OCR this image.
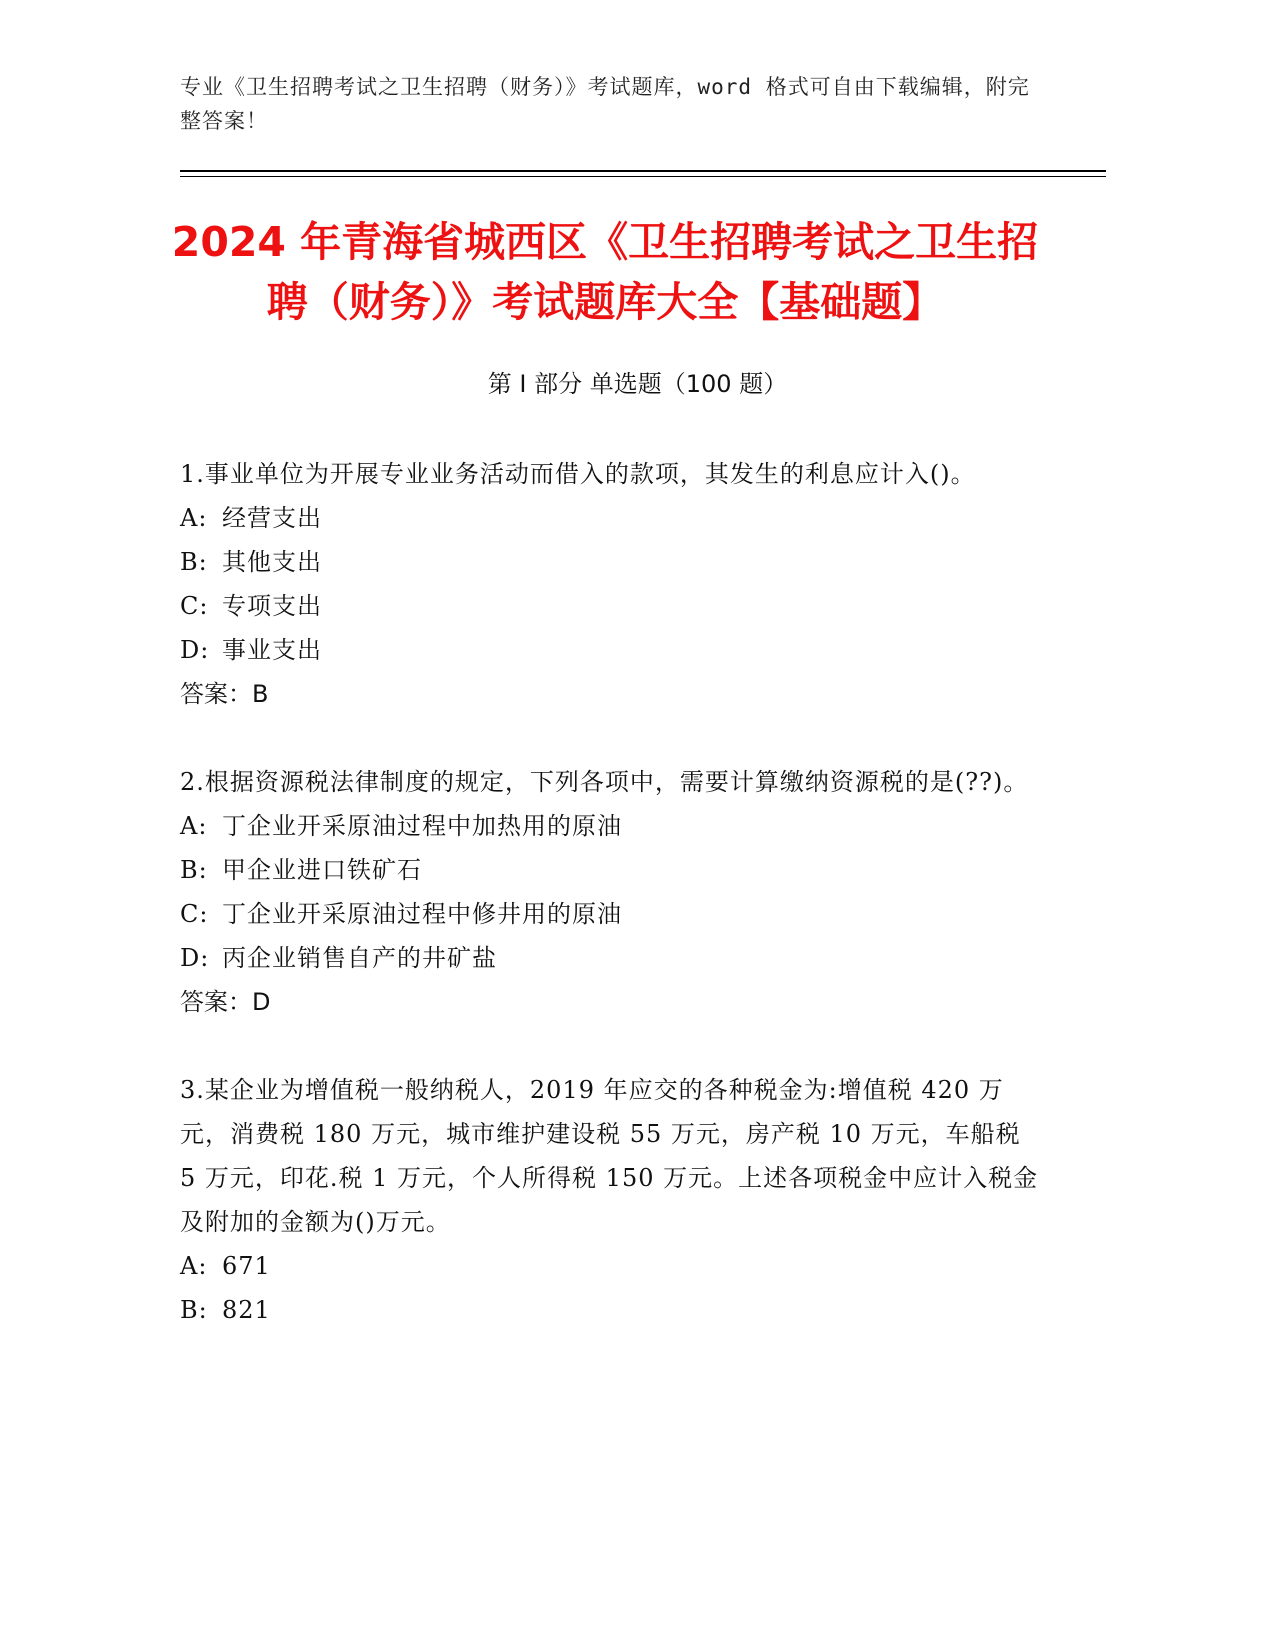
专业《卫生招聘考试之卫生招聘（财务）》考试题库，word 格式可自由下载编辑，附完整答案！
2024 年青海省城西区《卫生招聘考试之卫生招聘（财务）》考试题库大全【基础题】
第 I 部分 单选题（100 题）
1.事业单位为开展专业业务活动而借入的款项，其发生的利息应计入()。
A: 经营支出
B: 其他支出
C: 专项支出
D: 事业支出
答案：B
2.根据资源税法律制度的规定，下列各项中，需要计算缴纳资源税的是(??)。
A: 丁企业开采原油过程中加热用的原油
B: 甲企业进口铁矿石
C: 丁企业开采原油过程中修井用的原油
D: 丙企业销售自产的井矿盐
答案：D
3.某企业为增值税一般纳税人，2019 年应交的各种税金为:增值税 420 万元，消费税 180 万元，城市维护建设税 55 万元，房产税 10 万元，车船税 5 万元，印花.税 1 万元，个人所得税 150 万元。上述各项税金中应计入税金及附加的金额为()万元。
A: 671
B: 821
